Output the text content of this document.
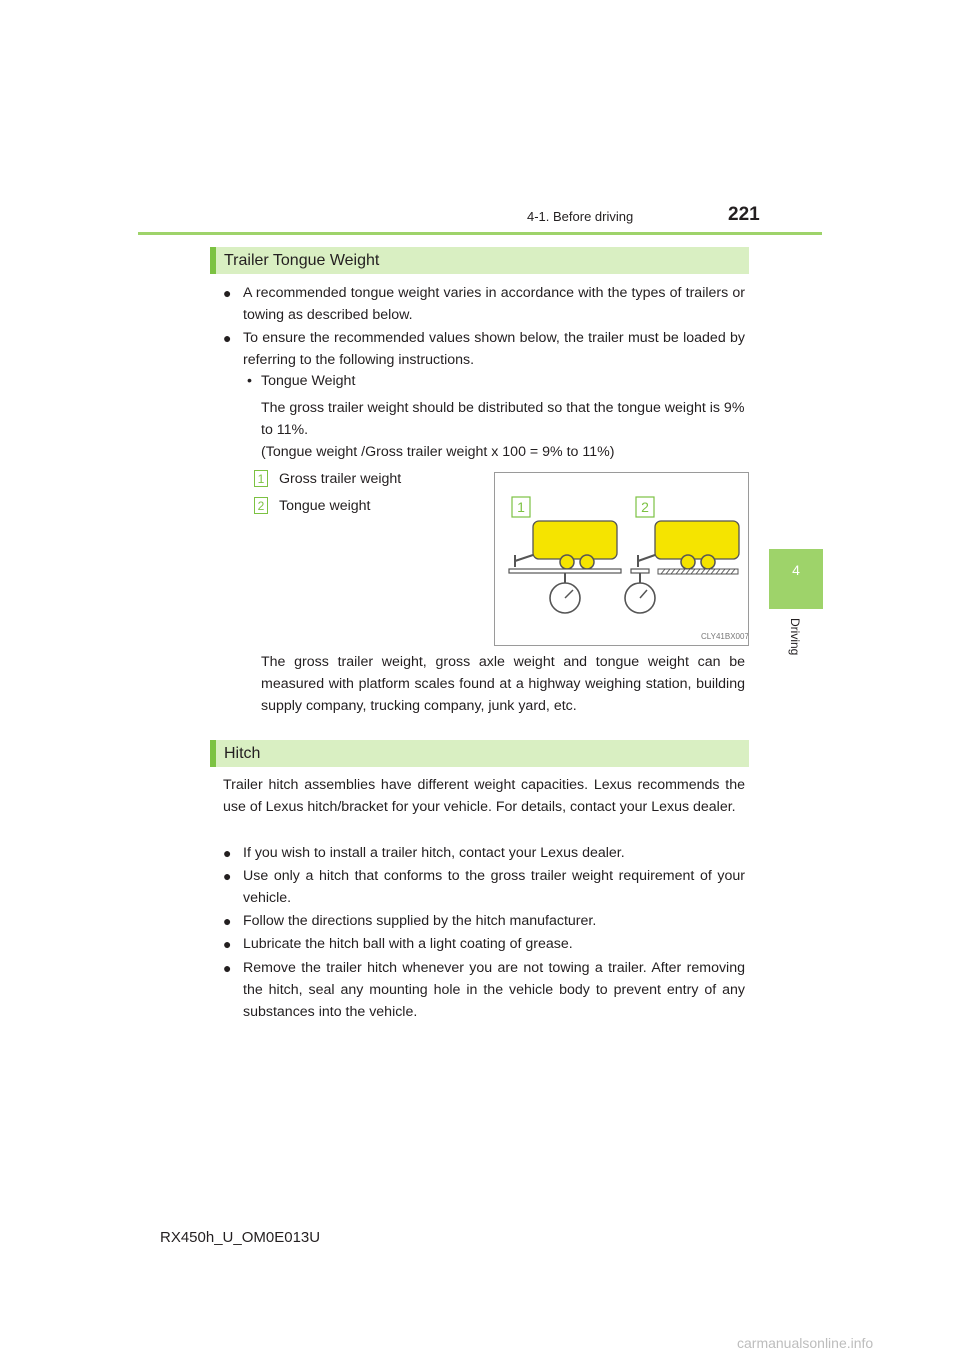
4-1. Before driving	221
4
Driving
Trailer Tongue Weight
● A recommended tongue weight varies in accordance with the types of trailers or towing as described below.
● To ensure the recommended values shown below, the trailer must be loaded by referring to the following instructions.
• Tongue Weight
The gross trailer weight should be distributed so that the tongue weight is 9% to 11%.
(Tongue weight /Gross trailer weight x 100 = 9% to 11%)
1 Gross trailer weight
2 Tongue weight	1	2
CLY41BX007
The gross trailer weight, gross axle weight and tongue weight can be measured with platform scales found at a highway weighing station, building supply company, trucking company, junk yard, etc.
Hitch
Trailer hitch assemblies have different weight capacities. Lexus recommends the use of Lexus hitch/bracket for your vehicle. For details, contact your Lexus dealer.
● If you wish to install a trailer hitch, contact your Lexus dealer.
● Use only a hitch that conforms to the gross trailer weight requirement of your vehicle.
● Follow the directions supplied by the hitch manufacturer.
● Lubricate the hitch ball with a light coating of grease.
● Remove the trailer hitch whenever you are not towing a trailer. After removing the hitch, seal any mounting hole in the vehicle body to prevent entry of any substances into the vehicle.
RX450h_U_OM0E013U
carmanualsonline.info
